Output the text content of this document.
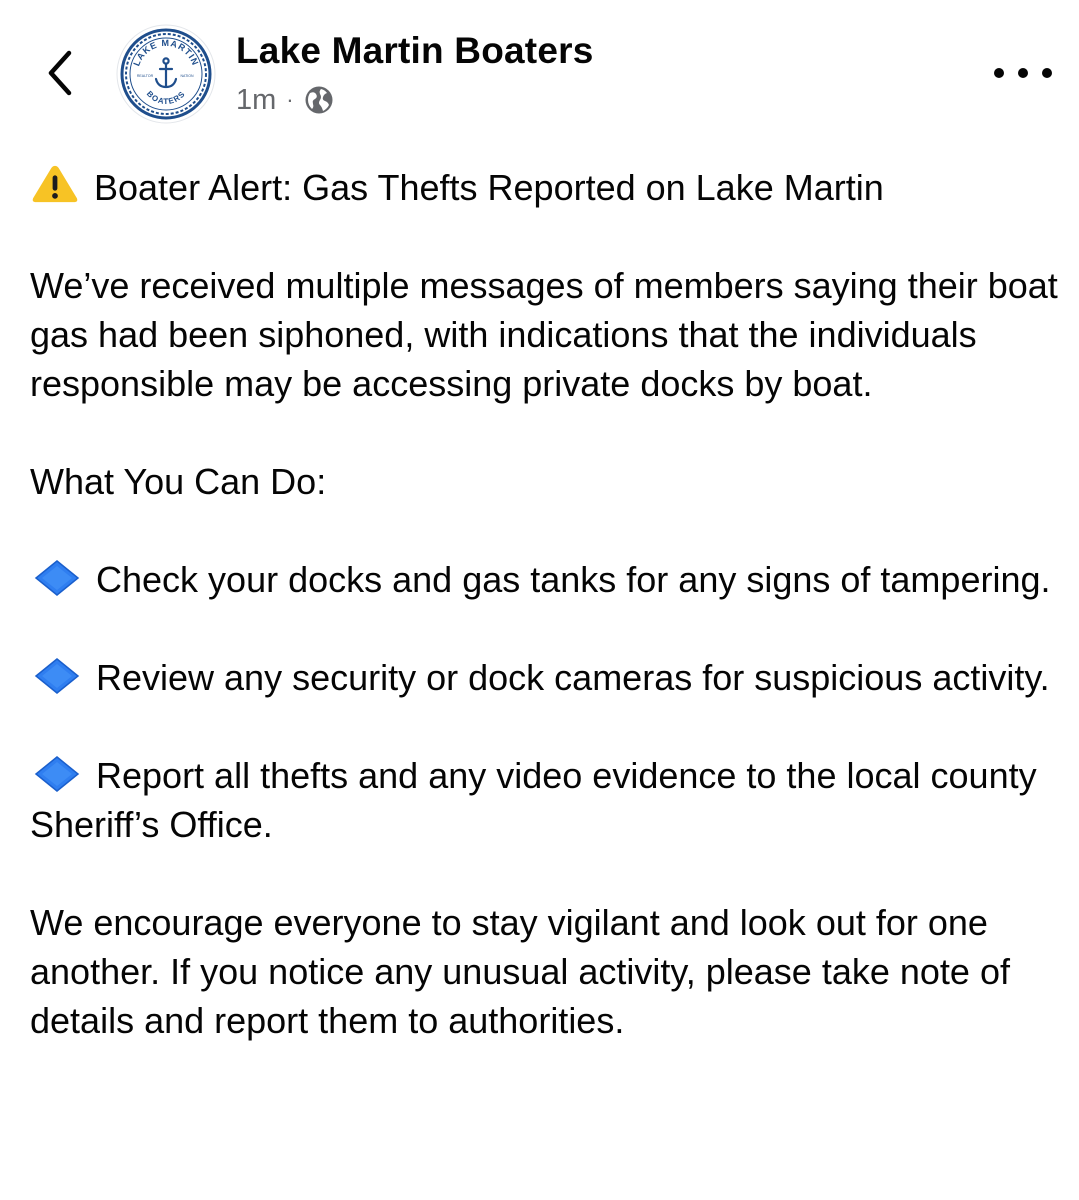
LAKE MARTIN
BOATERS
REALTOR	NATION
Lake Martin Boaters
1m ·

Boater Alert: Gas Thefts Reported on Lake Martin

We’ve received multiple messages of members saying their boat gas had been siphoned, with indications that the individuals responsible may be accessing private docks by boat.

What You Can Do:

Check your docks and gas tanks for any signs of tampering.

Review any security or dock cameras for suspicious activity.

Report all thefts and any video evidence to the local county Sheriff’s Office.

We encourage everyone to stay vigilant and look out for one another. If you notice any unusual activity, please take note of details and report them to authorities.
